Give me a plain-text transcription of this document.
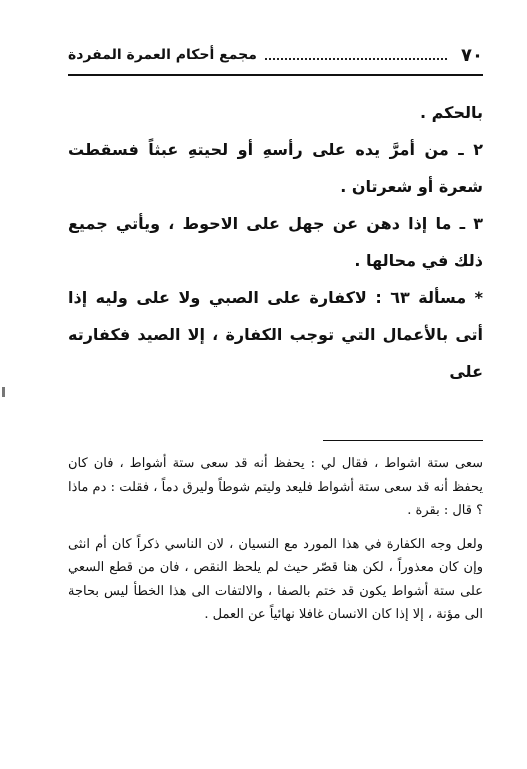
٧٠
مجمع أحكام العمرة المفردة

بالحكم .

٢ ـ من أمرَّ يده على رأسهِ أو لحيتهِ عبثاً فسقطت شعرة أو شعرتان .

٣ ـ ما إذا دهن عن جهل على الاحوط ، ويأتي جميع ذلك في محالها .

* مسألة ٦٣ : لاكفارة على الصبي ولا على وليه إذا أتى بالأعمال التي توجب الكفارة ، إلا الصيد فكفارته على

سعى ستة اشواط ، فقال لي : يحفظ أنه قد سعى ستة أشواط ، فان كان يحفظ أنه قد سعى ستة أشواط فليعد وليتم شوطاً وليرق دماً ، فقلت : دم ماذا ؟ قال : بقرة .

ولعل وجه الكفارة في هذا المورد مع النسيان ، لان الناسي ذكراً كان أم انثى وإن كان معذوراً ، لكن هنا قصّر حيث لم يلحظ النقص ، فان من قطع السعي على ستة أشواط يكون قد ختم بالصفا ، والالتفات الى هذا الخطأ ليس بحاجة الى مؤنة ، إلا إذا كان الانسان غافلا نهائياً عن العمل .
